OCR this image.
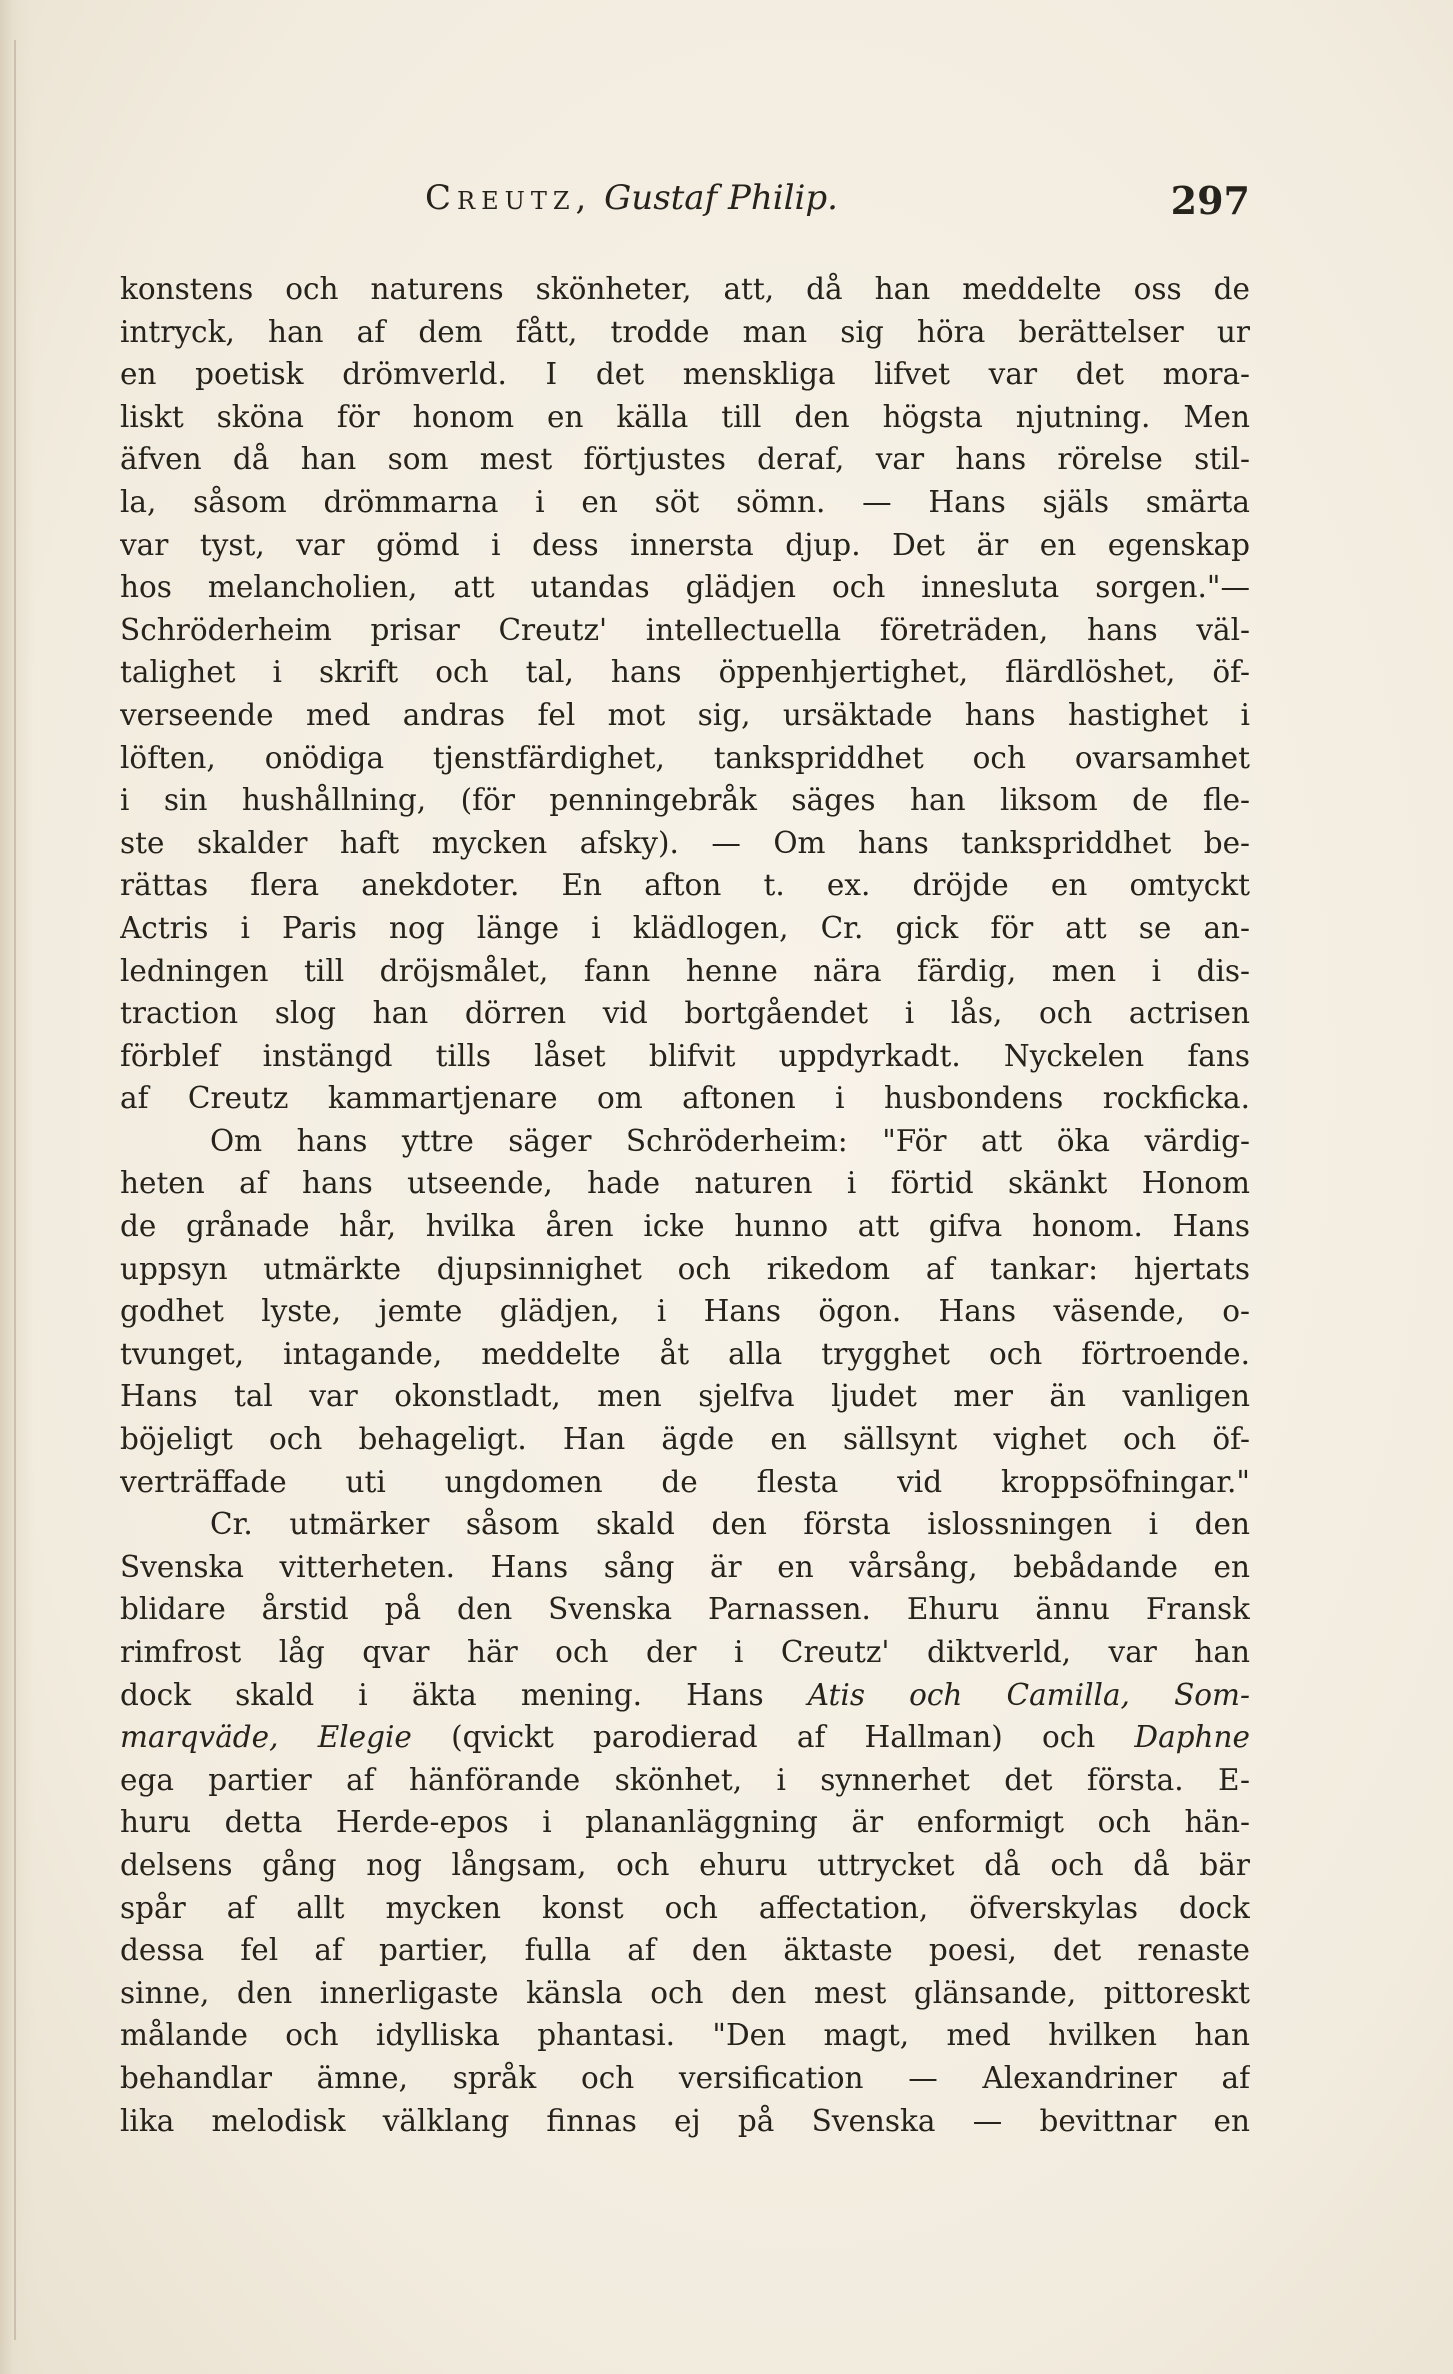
Creutz, Gustaf Philip.	297
konstens och naturens skönheter, att, då han meddelte oss de
intryck, han af dem fått, trodde man sig höra berättelser ur
en poetisk drömverld. I det menskliga lifvet var det mora-
liskt sköna för honom en källa till den högsta njutning. Men
äfven då han som mest förtjustes deraf, var hans rörelse stil-
la, såsom drömmarna i en söt sömn. — Hans själs smärta
var tyst, var gömd i dess innersta djup. Det är en egenskap
hos melancholien, att utandas glädjen och innesluta sorgen."—
Schröderheim prisar Creutz' intellectuella företräden, hans väl-
talighet i skrift och tal, hans öppenhjertighet, flärdlöshet, öf-
verseende med andras fel mot sig, ursäktade hans hastighet i
löften, onödiga tjenstfärdighet, tankspriddhet och ovarsamhet
i sin hushållning, (för penningebråk säges han liksom de fle-
ste skalder haft mycken afsky). — Om hans tankspriddhet be-
rättas flera anekdoter. En afton t. ex. dröjde en omtyckt
Actris i Paris nog länge i klädlogen, Cr. gick för att se an-
ledningen till dröjsmålet, fann henne nära färdig, men i dis-
traction slog han dörren vid bortgåendet i lås, och actrisen
förblef instängd tills låset blifvit uppdyrkadt. Nyckelen fans
af Creutz kammartjenare om aftonen i husbondens rockficka.
Om hans yttre säger Schröderheim: "För att öka värdig-
heten af hans utseende, hade naturen i förtid skänkt Honom
de grånade hår, hvilka åren icke hunno att gifva honom. Hans
uppsyn utmärkte djupsinnighet och rikedom af tankar: hjertats
godhet lyste, jemte glädjen, i Hans ögon. Hans väsende, o-
tvunget, intagande, meddelte åt alla trygghet och förtroende.
Hans tal var okonstladt, men sjelfva ljudet mer än vanligen
böjeligt och behageligt. Han ägde en sällsynt vighet och öf-
verträffade uti ungdomen de flesta vid kroppsöfningar."
Cr. utmärker såsom skald den första islossningen i den
Svenska vitterheten. Hans sång är en vårsång, bebådande en
blidare årstid på den Svenska Parnassen. Ehuru ännu Fransk
rimfrost låg qvar här och der i Creutz' diktverld, var han
dock skald i äkta mening. Hans Atis och Camilla, Som-
marqväde, Elegie (qvickt parodierad af Hallman) och Daphne
ega partier af hänförande skönhet, i synnerhet det första. E-
huru detta Herde-epos i plananläggning är enformigt och hän-
delsens gång nog långsam, och ehuru uttrycket då och då bär
spår af allt mycken konst och affectation, öfverskylas dock
dessa fel af partier, fulla af den äktaste poesi, det renaste
sinne, den innerligaste känsla och den mest glänsande, pittoreskt
målande och idylliska phantasi. "Den magt, med hvilken han
behandlar ämne, språk och versification — Alexandriner af
lika melodisk välklang finnas ej på Svenska — bevittnar en
